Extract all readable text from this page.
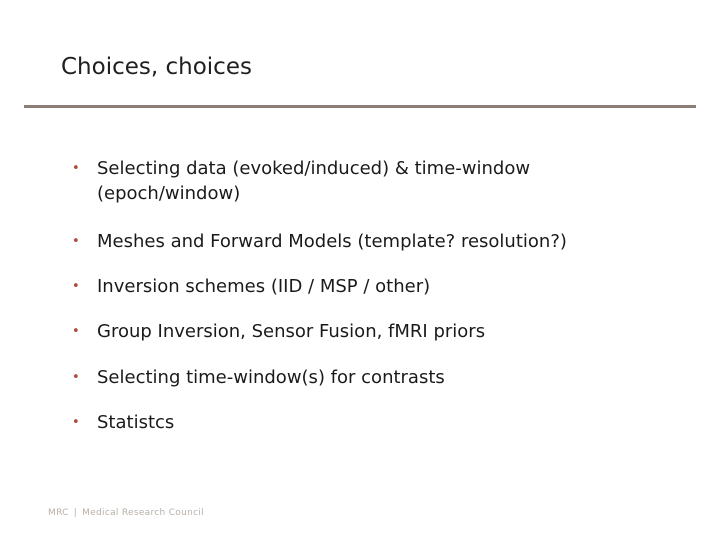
Choices, choices
• Selecting data (evoked/induced) & time-window
(epoch/window)
• Meshes and Forward Models (template? resolution?)
• Inversion schemes (IID / MSP / other)
• Group Inversion, Sensor Fusion, fMRI priors
• Selecting time-window(s) for contrasts
• Statistcs
MRC | Medical Research Council
